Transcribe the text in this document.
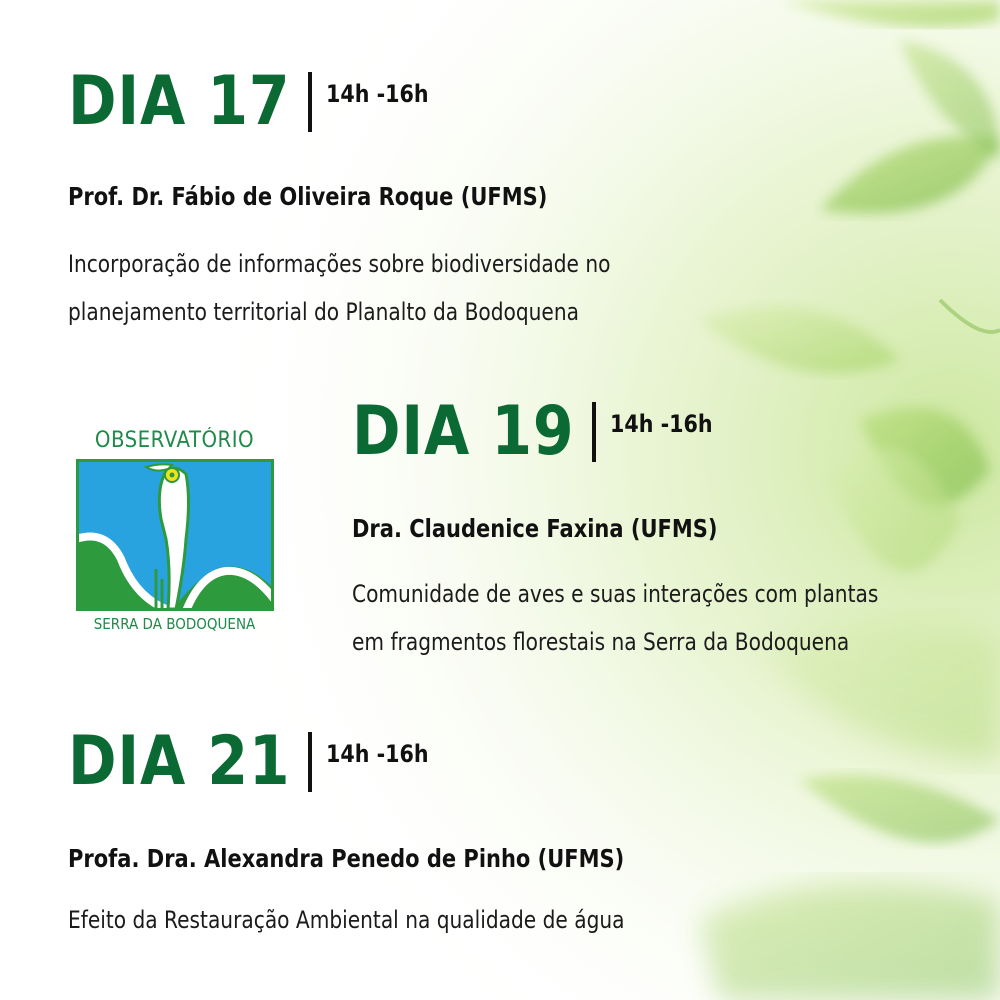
DIA 17 14h -16h
Prof. Dr. Fábio de Oliveira Roque (UFMS)
Incorporação de informações sobre biodiversidade no
planejamento territorial do Planalto da Bodoquena
OBSERVATÓRIO
SERRA DA BODOQUENA
DIA 19 14h -16h
Dra. Claudenice Faxina (UFMS)
Comunidade de aves e suas interações com plantas
em fragmentos florestais na Serra da Bodoquena
DIA 21 14h -16h
Profa. Dra. Alexandra Penedo de Pinho (UFMS)
Efeito da Restauração Ambiental na qualidade de água
